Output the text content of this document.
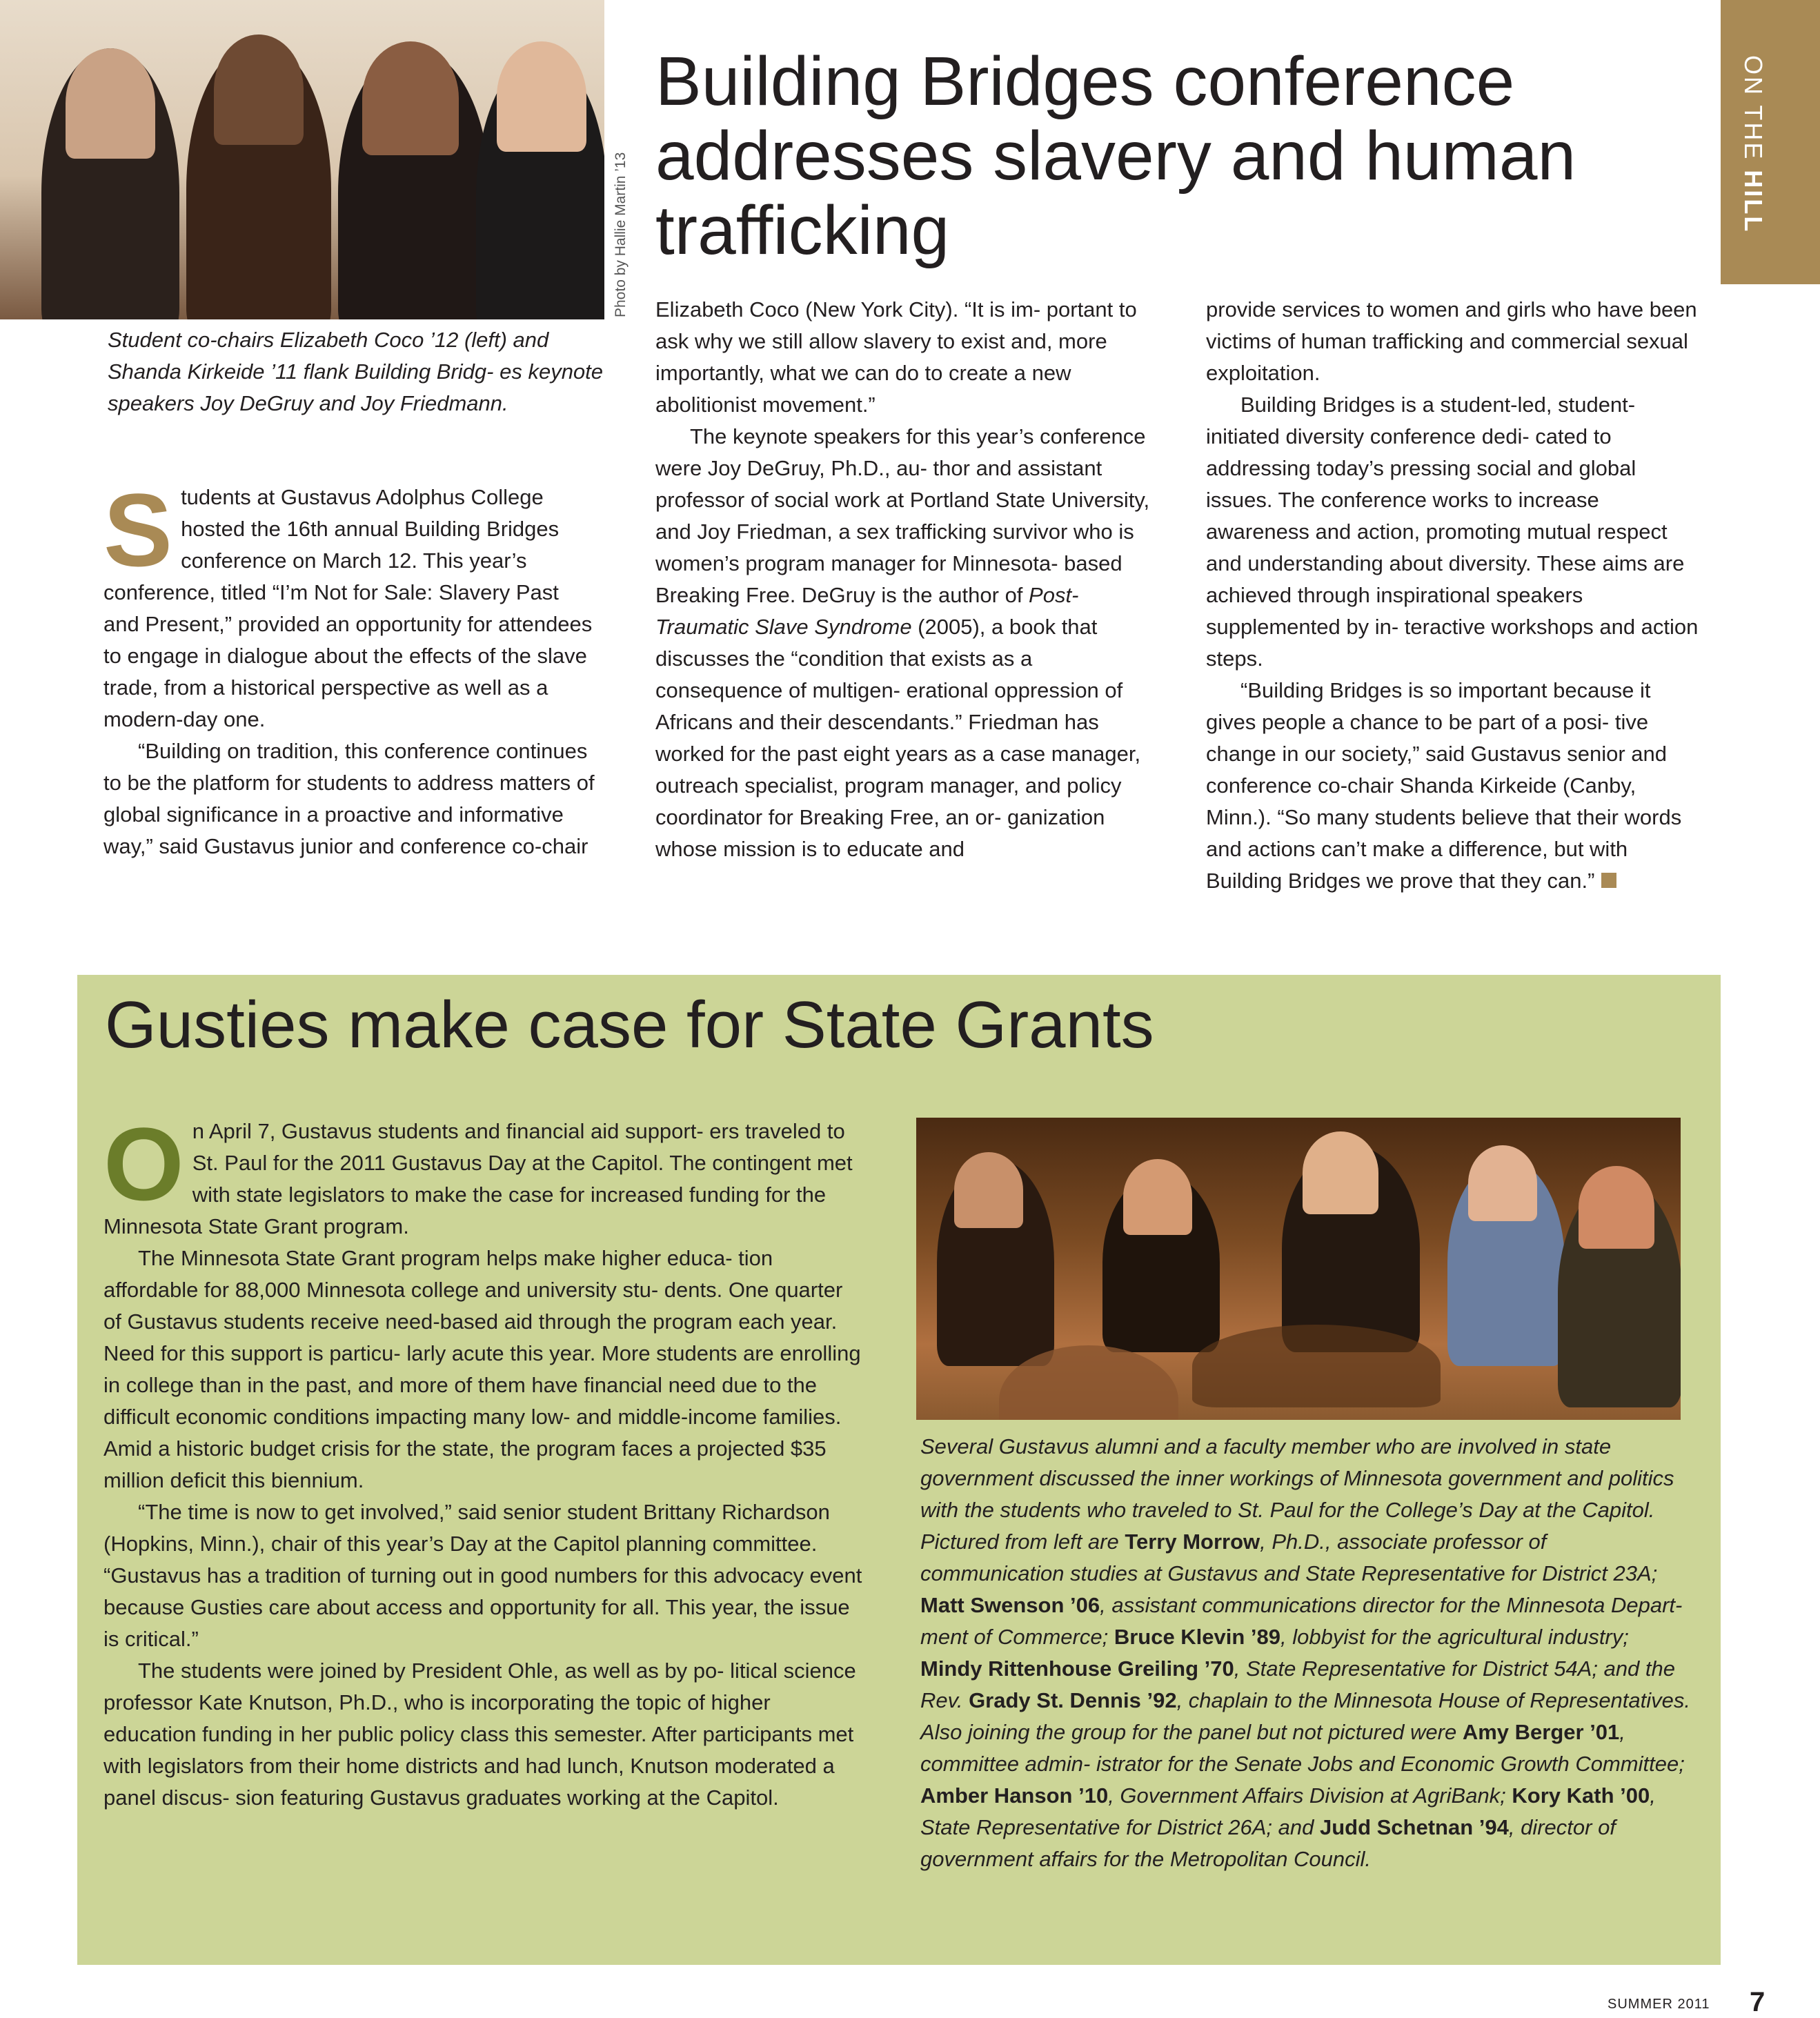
Photo by Hallie Martin ’13
ON THE HILL
Building Bridges conference addresses slavery and human trafficking
Student co-chairs Elizabeth Coco ’12 (left) and Shanda Kirkeide ’11 flank Building Bridg- es keynote speakers Joy DeGruy and Joy Friedmann.

Students at Gustavus Adolphus College hosted the 16th annual Building Bridges conference on March 12. This year’s conference, titled “I’m Not for Sale: Slavery Past and Present,” provided an opportunity for attendees to engage in dialogue about the effects of the slave trade, from a historical perspective as well as a modern-day one.

“Building on tradition, this conference continues to be the platform for students to address matters of global significance in a proactive and informative way,” said Gustavus junior and conference co-chair

Elizabeth Coco (New York City). “It is im- portant to ask why we still allow slavery to exist and, more importantly, what we can do to create a new abolitionist movement.”

The keynote speakers for this year’s conference were Joy DeGruy, Ph.D., au- thor and assistant professor of social work at Portland State University, and Joy Friedman, a sex trafficking survivor who is women’s program manager for Minnesota- based Breaking Free. DeGruy is the author of Post-Traumatic Slave Syndrome (2005), a book that discusses the “condition that exists as a consequence of multigen- erational oppression of Africans and their descendants.” Friedman has worked for the past eight years as a case manager, outreach specialist, program manager, and policy coordinator for Breaking Free, an or- ganization whose mission is to educate and

provide services to women and girls who have been victims of human trafficking and commercial sexual exploitation.

Building Bridges is a student-led, student-initiated diversity conference dedi- cated to addressing today’s pressing social and global issues. The conference works to increase awareness and action, promoting mutual respect and understanding about diversity. These aims are achieved through inspirational speakers supplemented by in- teractive workshops and action steps.

“Building Bridges is so important because it gives people a chance to be part of a posi- tive change in our society,” said Gustavus senior and conference co-chair Shanda Kirkeide (Canby, Minn.). “So many students believe that their words and actions can’t make a difference, but with Building Bridges we prove that they can.”

Gusties make case for State Grants

On April 7, Gustavus students and financial aid support- ers traveled to St. Paul for the 2011 Gustavus Day at the Capitol. The contingent met with state legislators to make the case for increased funding for the Minnesota State Grant program.

The Minnesota State Grant program helps make higher educa- tion affordable for 88,000 Minnesota college and university stu- dents. One quarter of Gustavus students receive need-based aid through the program each year. Need for this support is particu- larly acute this year. More students are enrolling in college than in the past, and more of them have financial need due to the difficult economic conditions impacting many low- and middle-income families. Amid a historic budget crisis for the state, the program faces a projected $35 million deficit this biennium.

“The time is now to get involved,” said senior student Brittany Richardson (Hopkins, Minn.), chair of this year’s Day at the Capitol planning committee. “Gustavus has a tradition of turning out in good numbers for this advocacy event because Gusties care about access and opportunity for all. This year, the issue is critical.”

The students were joined by President Ohle, as well as by po- litical science professor Kate Knutson, Ph.D., who is incorporating the topic of higher education funding in her public policy class this semester. After participants met with legislators from their home districts and had lunch, Knutson moderated a panel discus- sion featuring Gustavus graduates working at the Capitol.

Several Gustavus alumni and a faculty member who are involved in state government discussed the inner workings of Minnesota government and politics with the students who traveled to St. Paul for the College’s Day at the Capitol. Pictured from left are Terry Morrow, Ph.D., associate professor of communication studies at Gustavus and State Representative for District 23A; Matt Swenson ’06, assistant communications director for the Minnesota Depart- ment of Commerce; Bruce Klevin ’89, lobbyist for the agricultural industry; Mindy Rittenhouse Greiling ’70, State Representative for District 54A; and the Rev. Grady St. Dennis ’92, chaplain to the Minnesota House of Representatives. Also joining the group for the panel but not pictured were Amy Berger ’01, committee admin- istrator for the Senate Jobs and Economic Growth Committee; Amber Hanson ’10, Government Affairs Division at AgriBank; Kory Kath ’00, State Representative for District 26A; and Judd Schetnan ’94, director of government affairs for the Metropolitan Council.
SUMMER 2011 7
